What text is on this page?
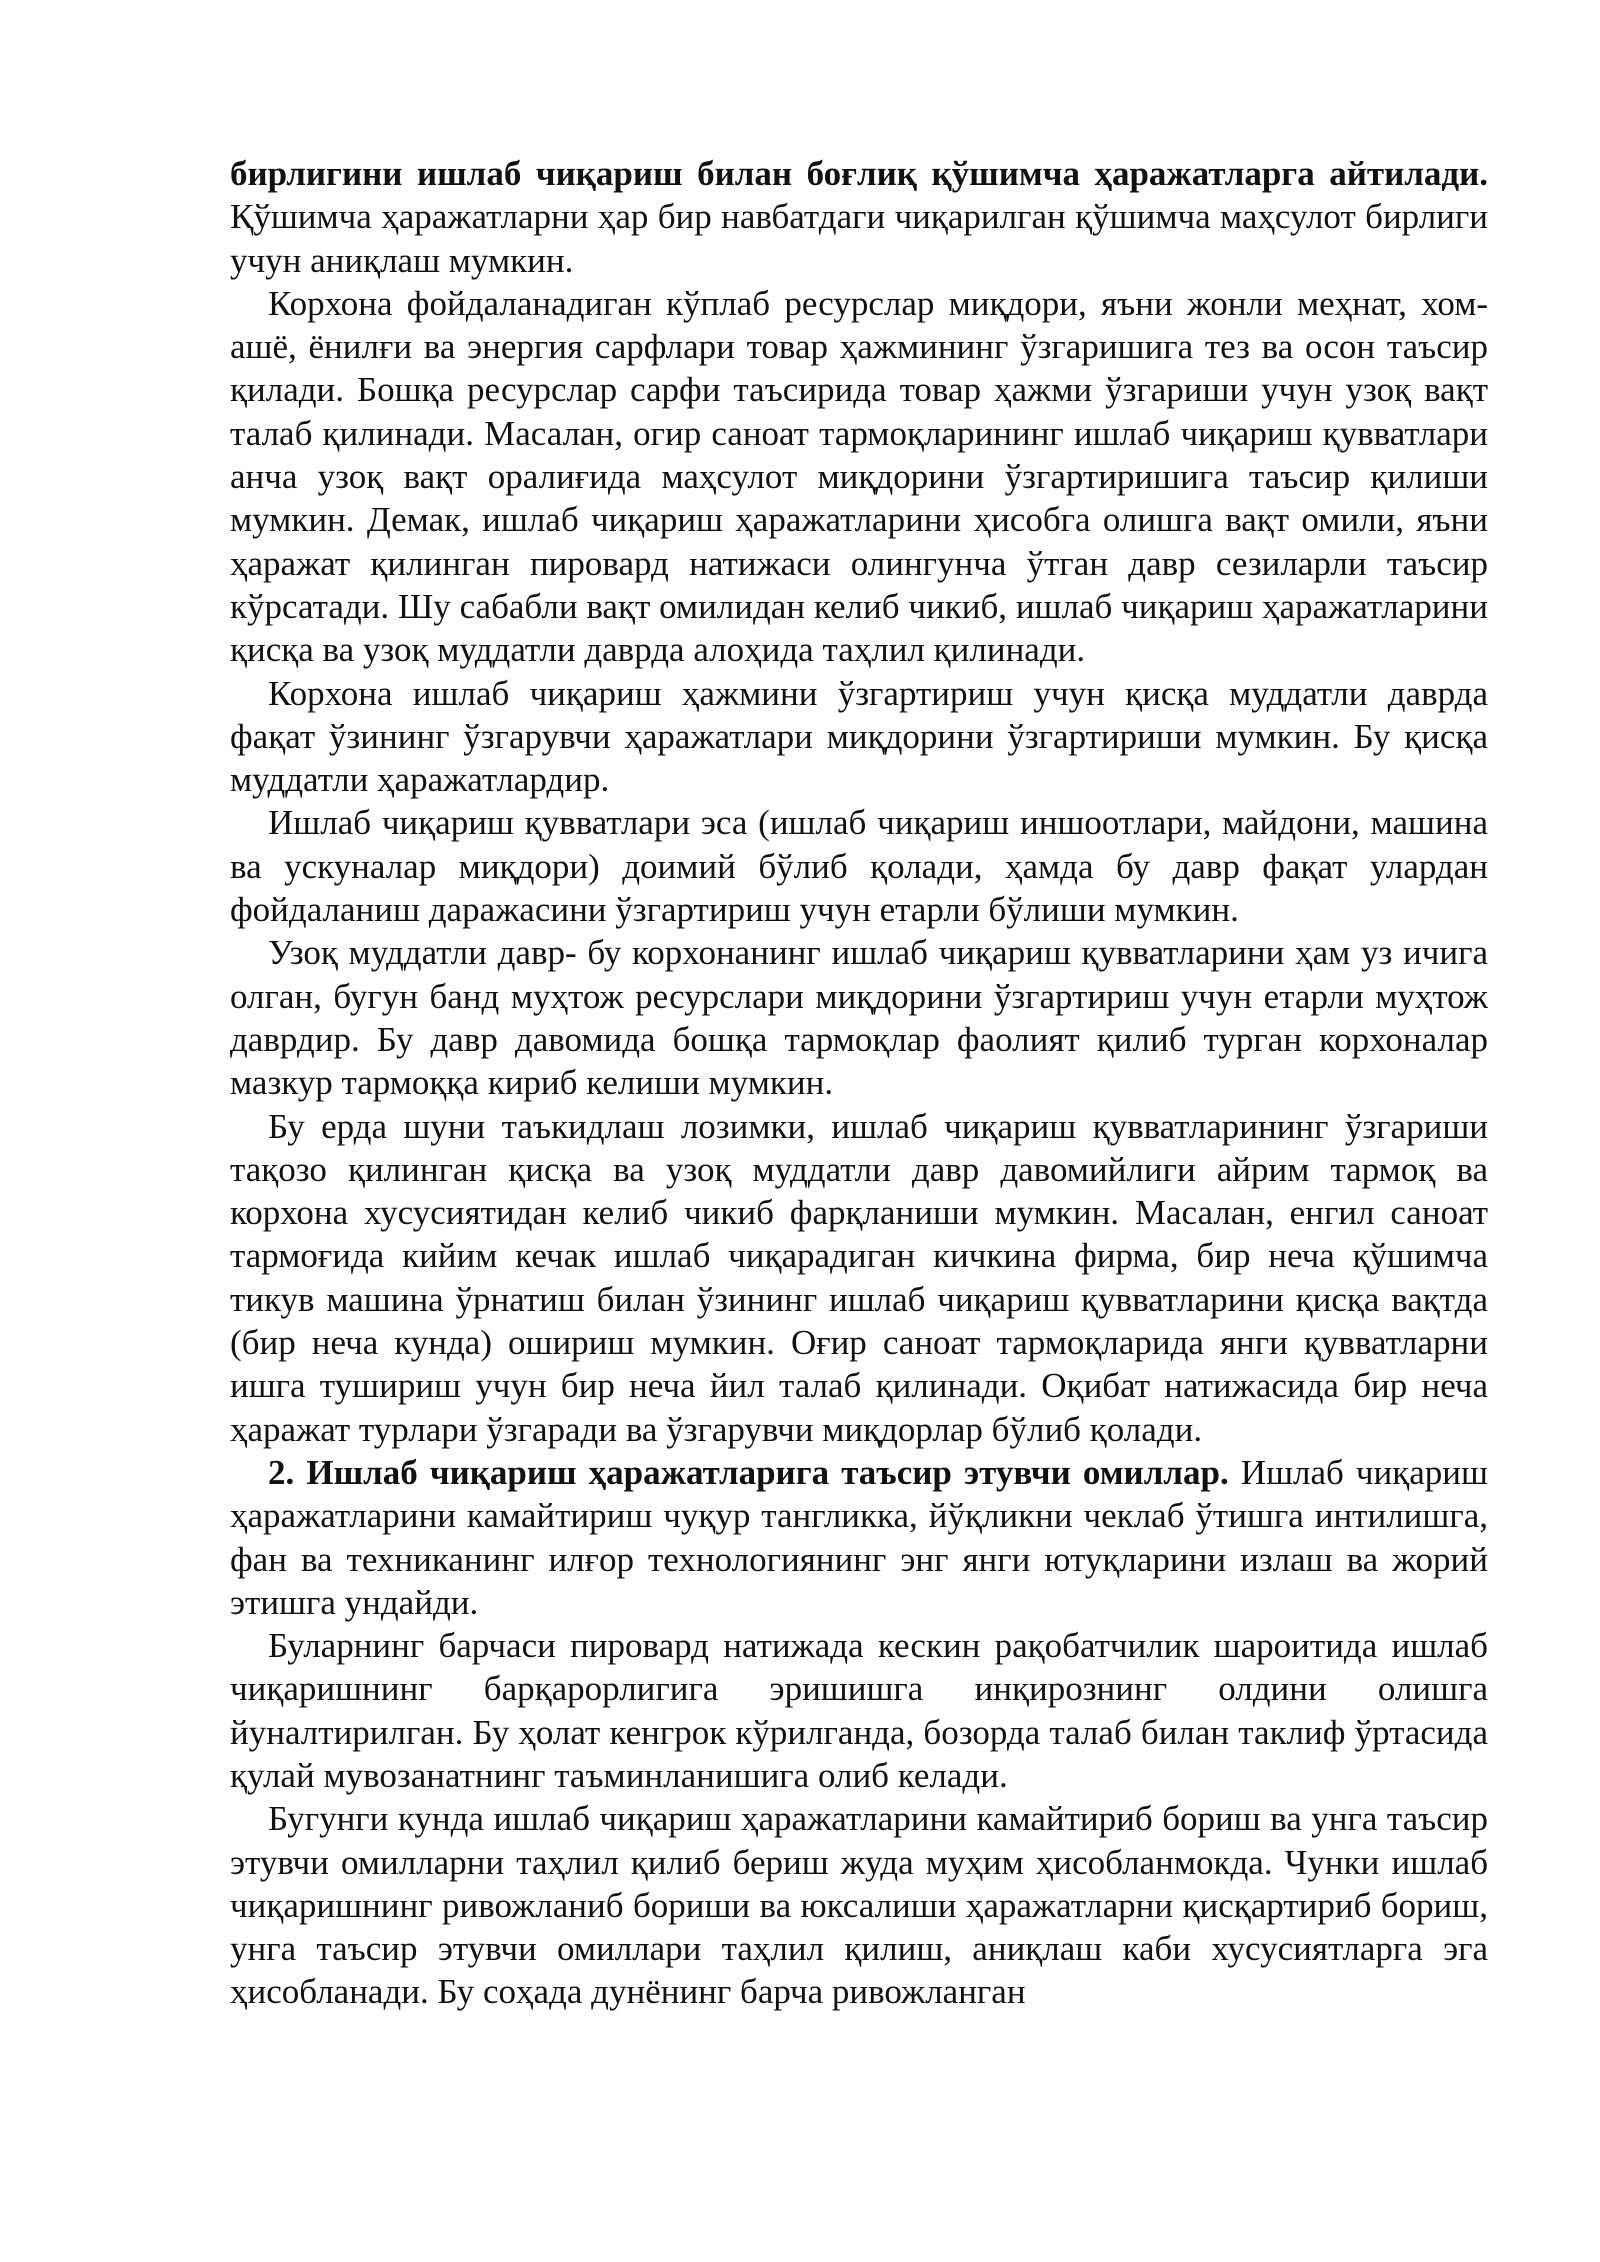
бирлигини ишлаб чиқариш билан боғлиқ қўшимча ҳаражатларга айтилади. Қўшимча ҳаражатларни ҳар бир навбатдаги чиқарилган қўшимча маҳсулот бирлиги учун аниқлаш мумкин.

Корхона фойдаланадиган кўплаб ресурслар миқдори, яъни жонли меҳнат, хом-ашё, ёнилғи ва энергия сарфлари товар ҳажмининг ўзгаришига тез ва осон таъсир қилади. Бошқа ресурслар сарфи таъсирида товар ҳажми ўзгариши учун узоқ вақт талаб қилинади. Масалан, огир саноат тармоқларининг ишлаб чиқариш қувватлари анча узоқ вақт оралиғида маҳсулот миқдорини ўзгартиришига таъсир қилиши мумкин. Демак, ишлаб чиқариш ҳаражатларини ҳисобга олишга вақт омили, яъни ҳаражат қилинган пировард натижаси олингунча ўтган давр сезиларли таъсир кўрсатади. Шу сабабли вақт омилидан келиб чикиб, ишлаб чиқариш ҳаражатларини қисқа ва узоқ муддатли даврда алоҳида таҳлил қилинади.

Корхона ишлаб чиқариш ҳажмини ўзгартириш учун қисқа муддатли даврда фақат ўзининг ўзгарувчи ҳаражатлари миқдорини ўзгартириши мумкин. Бу қисқа муддатли ҳаражатлардир.

Ишлаб чиқариш қувватлари эса (ишлаб чиқариш иншоотлари, майдони, машина ва ускуналар миқдори) доимий бўлиб қолади, ҳамда бу давр фақат улардан фойдаланиш даражасини ўзгартириш учун етарли бўлиши мумкин.

Узоқ муддатли давр- бу корхонанинг ишлаб чиқариш қувватларини ҳам уз ичига олган, бугун банд муҳтож ресурслари миқдорини ўзгартириш учун етарли муҳтож даврдир. Бу давр давомида бошқа тармоқлар фаолият қилиб турган корхоналар мазкур тармоққа кириб келиши мумкин.

Бу ерда шуни таъкидлаш лозимки, ишлаб чиқариш қувватларининг ўзгариши тақозо қилинган қисқа ва узоқ муддатли давр давомийлиги айрим тармоқ ва корхона хусусиятидан келиб чикиб фарқланиши мумкин. Масалан, енгил саноат тармоғида кийим кечак ишлаб чиқарадиган кичкина фирма, бир неча қўшимча тикув машина ўрнатиш билан ўзининг ишлаб чиқариш қувватларини қисқа вақтда (бир неча кунда) ошириш мумкин. Оғир саноат тармоқларида янги қувватларни ишга тушириш учун бир неча йил талаб қилинади. Оқибат натижасида бир неча ҳаражат турлари ўзгаради ва ўзгарувчи миқдорлар бўлиб қолади.

2. Ишлаб чиқариш ҳаражатларига таъсир этувчи омиллар. Ишлаб чиқариш ҳаражатларини камайтириш чуқур тангликка, йўқликни чеклаб ўтишга интилишга, фан ва техниканинг илғор технологиянинг энг янги ютуқларини излаш ва жорий этишга ундайди.

Буларнинг барчаси пировард натижада кескин рақобатчилик шароитида ишлаб чиқаришнинг барқарорлигига эришишга инқирознинг олдини олишга йуналтирилган. Бу ҳолат кенгрок кўрилганда, бозорда талаб билан таклиф ўртасида қулай мувозанатнинг таъминланишига олиб келади.

Бугунги кунда ишлаб чиқариш ҳаражатларини камайтириб бориш ва унга таъсир этувчи омилларни таҳлил қилиб бериш жуда муҳим ҳисобланмокда. Чунки ишлаб чиқаришнинг ривожланиб бориши ва юксалиши ҳаражатларни қисқартириб бориш, унга таъсир этувчи омиллари таҳлил қилиш, аниқлаш каби хусусиятларга эга ҳисобланади. Бу соҳада дунёнинг барча ривожланган
